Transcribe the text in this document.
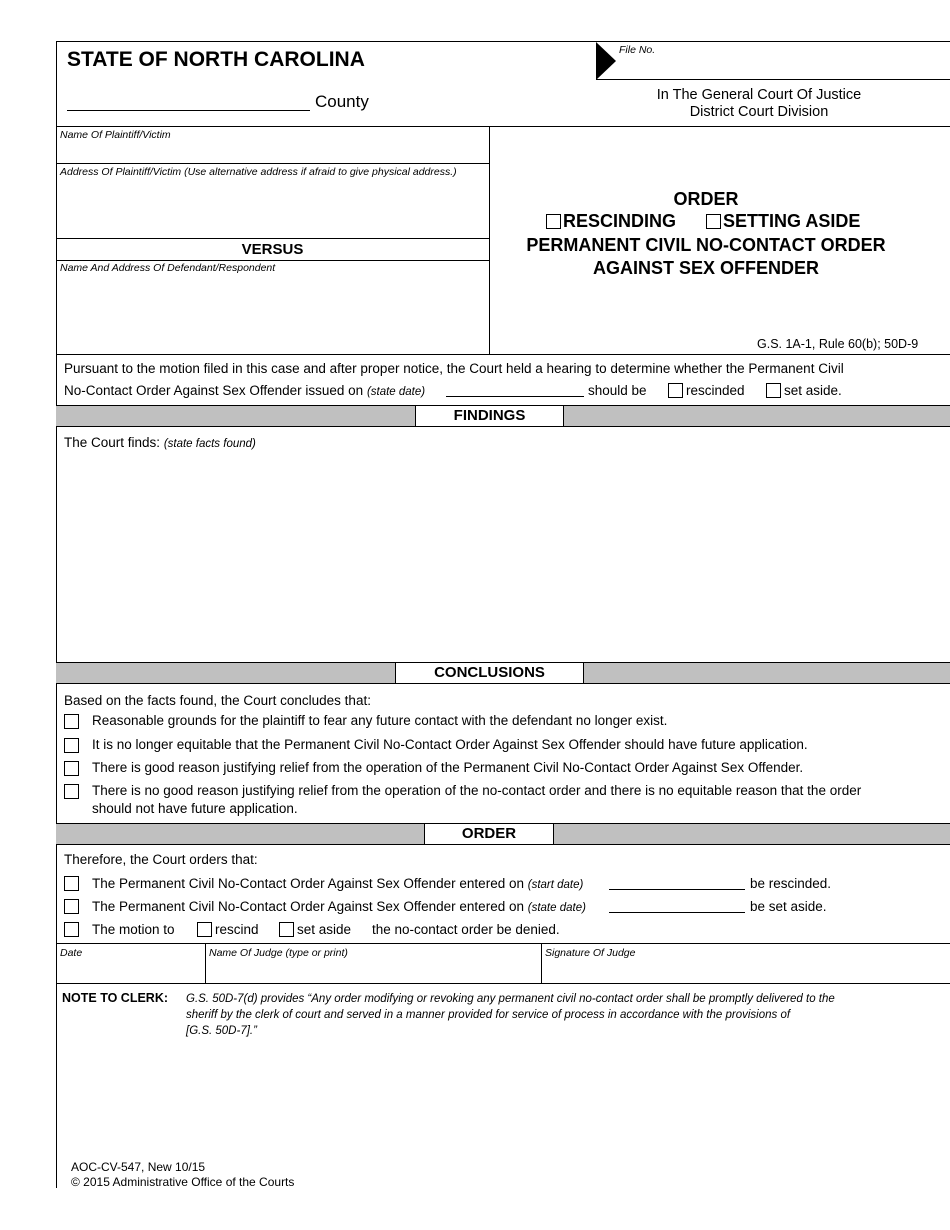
STATE OF NORTH CAROLINA
County
File No.
In The General Court Of Justice
District Court Division
Name Of Plaintiff/Victim
Address Of Plaintiff/Victim (Use alternative address if afraid to give physical address.)
VERSUS
Name And Address Of Defendant/Respondent
ORDER
RESCINDING	SETTING ASIDE
PERMANENT CIVIL NO-CONTACT ORDER
AGAINST SEX OFFENDER
G.S. 1A-1, Rule 60(b); 50D-9
Pursuant to the motion filed in this case and after proper notice, the Court held a hearing to determine whether the Permanent Civil
No-Contact Order Against Sex Offender issued on (state date)	should be	rescinded	set aside.
FINDINGS
The Court finds: (state facts found)
CONCLUSIONS
Based on the facts found, the Court concludes that:
Reasonable grounds for the plaintiff to fear any future contact with the defendant no longer exist.
It is no longer equitable that the Permanent Civil No-Contact Order Against Sex Offender should have future application.
There is good reason justifying relief from the operation of the Permanent Civil No-Contact Order Against Sex Offender.
There is no good reason justifying relief from the operation of the no-contact order and there is no equitable reason that the order
should not have future application.
ORDER
Therefore, the Court orders that:
The Permanent Civil No-Contact Order Against Sex Offender entered on (start date)	be rescinded.
The Permanent Civil No-Contact Order Against Sex Offender entered on (state date)	be set aside.
The motion to	rescind	set aside the no-contact order be denied.
Date	Name Of Judge (type or print)	Signature Of Judge
NOTE TO CLERK: G.S. 50D-7(d) provides “Any order modifying or revoking any permanent civil no-contact order shall be promptly delivered to the
sheriff by the clerk of court and served in a manner provided for service of process in accordance with the provisions of
[G.S. 50D-7].”
AOC-CV-547, New 10/15
© 2015 Administrative Office of the Courts
